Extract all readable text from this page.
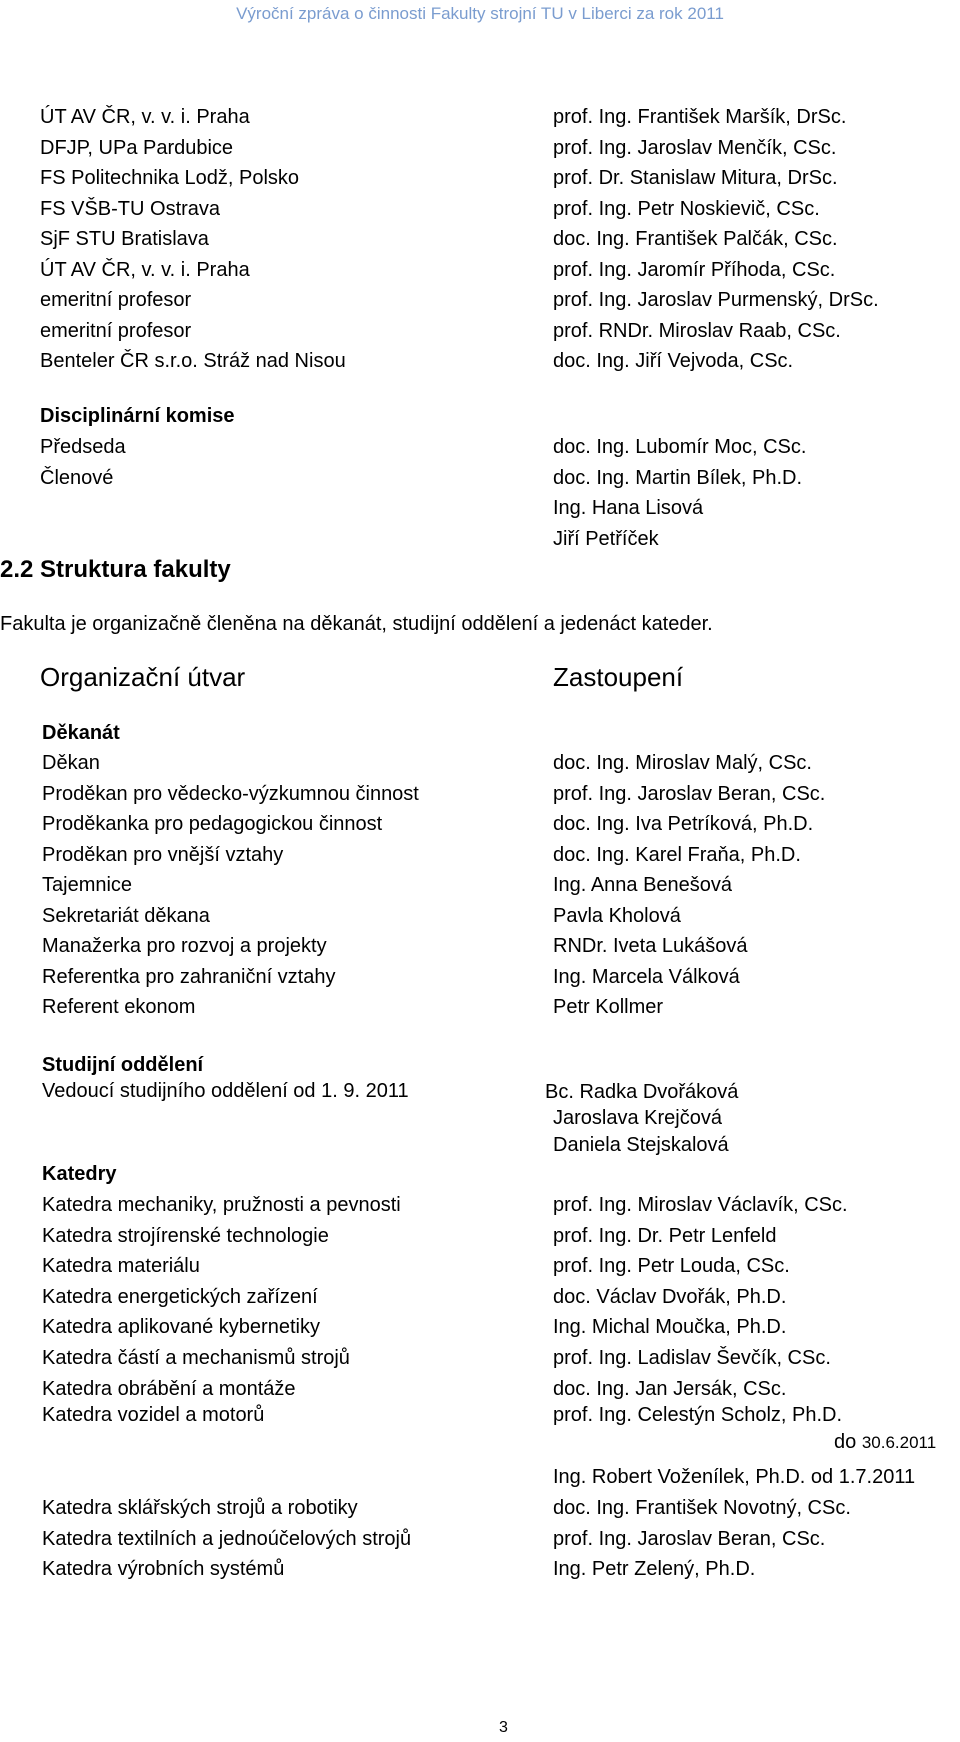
Výroční zpráva o činnosti Fakulty strojní TU v Liberci za rok 2011
ÚT AV ČR, v. v. i. Praha
DFJP, UPa Pardubice
FS Politechnika Lodž, Polsko
FS VŠB-TU Ostrava
SjF STU Bratislava
ÚT AV ČR, v. v. i. Praha
emeritní profesor
emeritní profesor
Benteler ČR s.r.o. Stráž nad Nisou
prof. Ing. František Maršík, DrSc.
prof. Ing. Jaroslav Menčík, CSc.
prof. Dr. Stanislaw Mitura, DrSc.
prof. Ing. Petr Noskievič, CSc.
doc. Ing. František Palčák, CSc.
prof. Ing. Jaromír Příhoda, CSc.
prof. Ing. Jaroslav Purmenský, DrSc.
prof. RNDr. Miroslav Raab, CSc.
doc. Ing. Jiří Vejvoda, CSc.
Disciplinární komise
Předseda
Členové
doc. Ing. Lubomír Moc, CSc.
doc. Ing. Martin Bílek, Ph.D.
Ing. Hana Lisová
Jiří Petříček
2.2 Struktura fakulty
Fakulta je organizačně členěna na děkanát, studijní oddělení a jedenáct kateder.
Organizační útvar	Zastoupení
Děkanát
Děkan
Proděkan pro vědecko-výzkumnou činnost
Proděkanka pro pedagogickou činnost
Proděkan pro vnější vztahy
Tajemnice
Sekretariát děkana
Manažerka pro rozvoj a projekty
Referentka pro zahraniční vztahy
Referent ekonom
doc. Ing. Miroslav Malý, CSc.
prof. Ing. Jaroslav Beran, CSc.
doc. Ing. Iva Petríková, Ph.D.
doc. Ing. Karel Fraňa, Ph.D.
Ing. Anna Benešová
Pavla Kholová
RNDr. Iveta Lukášová
Ing. Marcela Válková
Petr Kollmer
Studijní oddělení
Vedoucí studijního oddělení od 1. 9. 2011	Bc. Radka Dvořáková
Jaroslava Krejčová
Daniela Stejskalová
Katedry
Katedra mechaniky, pružnosti a pevnosti
Katedra strojírenské technologie
Katedra materiálu
Katedra energetických zařízení
Katedra aplikované kybernetiky
Katedra částí a mechanismů strojů
Katedra obrábění a montáže
Katedra vozidel a motorů
Katedra sklářských strojů a robotiky
Katedra textilních a jednoúčelových strojů
Katedra výrobních systémů
prof. Ing. Miroslav Václavík, CSc.
prof. Ing. Dr. Petr Lenfeld
prof. Ing. Petr Louda, CSc.
doc. Václav Dvořák, Ph.D.
Ing. Michal Moučka, Ph.D.
prof. Ing. Ladislav Ševčík, CSc.
doc. Ing. Jan Jersák, CSc.
prof. Ing. Celestýn Scholz, Ph.D.
do 30.6.2011
Ing. Robert Voženílek, Ph.D. od 1.7.2011
doc. Ing. František Novotný, CSc.
prof. Ing. Jaroslav Beran, CSc.
Ing. Petr Zelený, Ph.D.
3
